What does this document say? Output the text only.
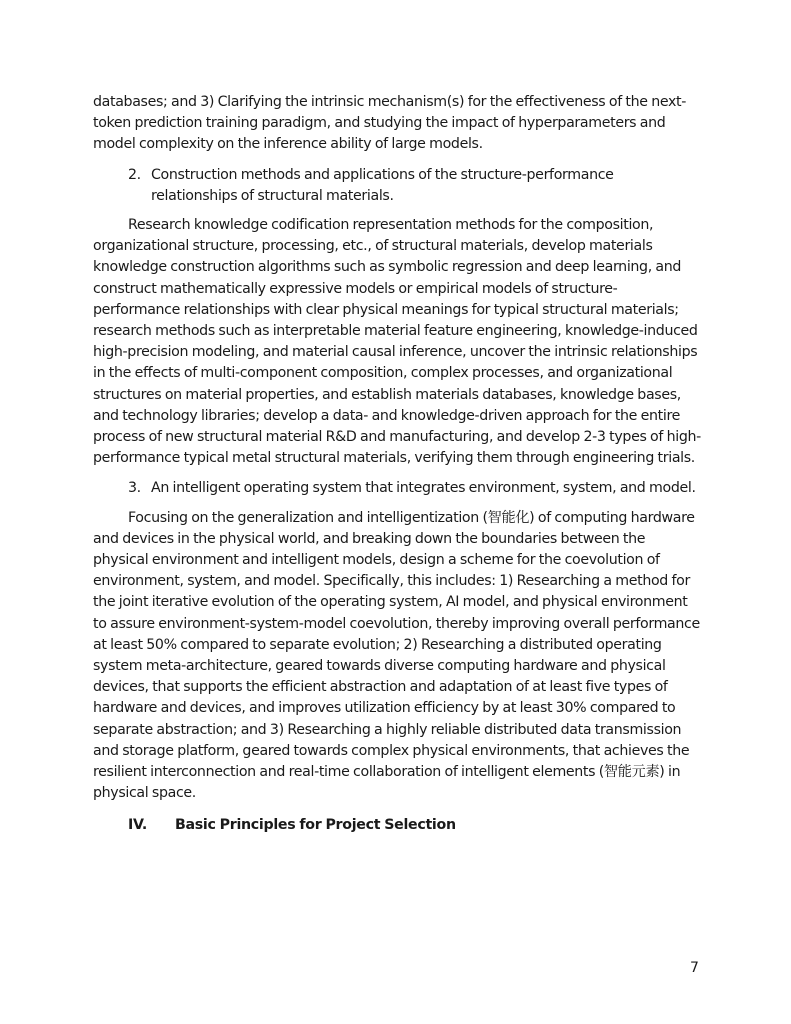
databases; and 3) Clarifying the intrinsic mechanism(s) for the effectiveness of the next-token prediction training paradigm, and studying the impact of hyperparameters and model complexity on the inference ability of large models.

2. Construction methods and applications of the structure-performance relationships of structural materials.

Research knowledge codification representation methods for the composition, organizational structure, processing, etc., of structural materials, develop materials knowledge construction algorithms such as symbolic regression and deep learning, and construct mathematically expressive models or empirical models of structure-performance relationships with clear physical meanings for typical structural materials; research methods such as interpretable material feature engineering, knowledge-induced high-precision modeling, and material causal inference, uncover the intrinsic relationships in the effects of multi-component composition, complex processes, and organizational structures on material properties, and establish materials databases, knowledge bases, and technology libraries; develop a data- and knowledge-driven approach for the entire process of new structural material R&D and manufacturing, and develop 2-3 types of high-performance typical metal structural materials, verifying them through engineering trials.

3. An intelligent operating system that integrates environment, system, and model.

Focusing on the generalization and intelligentization (智能化) of computing hardware and devices in the physical world, and breaking down the boundaries between the physical environment and intelligent models, design a scheme for the coevolution of environment, system, and model. Specifically, this includes: 1) Researching a method for the joint iterative evolution of the operating system, AI model, and physical environment to assure environment-system-model coevolution, thereby improving overall performance at least 50% compared to separate evolution; 2) Researching a distributed operating system meta-architecture, geared towards diverse computing hardware and physical devices, that supports the efficient abstraction and adaptation of at least five types of hardware and devices, and improves utilization efficiency by at least 30% compared to separate abstraction; and 3) Researching a highly reliable distributed data transmission and storage platform, geared towards complex physical environments, that achieves the resilient interconnection and real-time collaboration of intelligent elements (智能元素) in physical space.

IV. Basic Principles for Project Selection
7
